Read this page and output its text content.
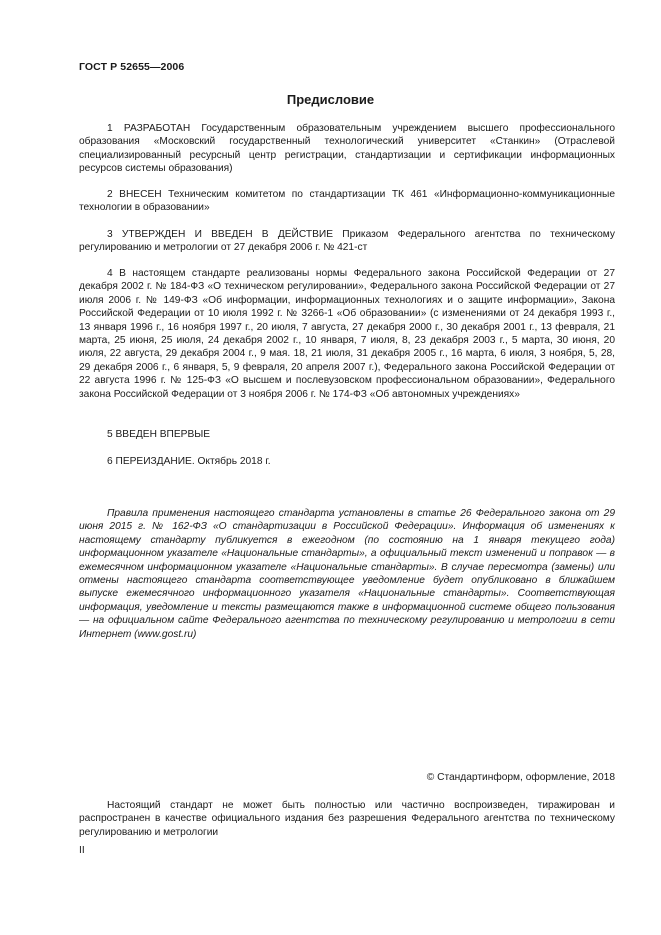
ГОСТ Р 52655—2006
Предисловие

1 РАЗРАБОТАН Государственным образовательным учреждением высшего профессионального образования «Московский государственный технологический университет «Станкин» (Отраслевой специализированный ресурсный центр регистрации, стандартизации и сертификации информационных ресурсов системы образования)

2 ВНЕСЕН Техническим комитетом по стандартизации ТК 461 «Информационно-коммуникационные технологии в образовании»

3 УТВЕРЖДЕН И ВВЕДЕН В ДЕЙСТВИЕ Приказом Федерального агентства по техническому регулированию и метрологии от 27 декабря 2006 г. № 421-ст

4 В настоящем стандарте реализованы нормы Федерального закона Российской Федерации от 27 декабря 2002 г. № 184-ФЗ «О техническом регулировании», Федерального закона Российской Федерации от 27 июля 2006 г. № 149-ФЗ «Об информации, информационных технологиях и о защите информации», Закона Российской Федерации от 10 июля 1992 г. № 3266-1 «Об образовании» (с изменениями от 24 декабря 1993 г., 13 января 1996 г., 16 ноября 1997 г., 20 июля, 7 августа, 27 декабря 2000 г., 30 декабря 2001 г., 13 февраля, 21 марта, 25 июня, 25 июля, 24 декабря 2002 г., 10 января, 7 июля, 8, 23 декабря 2003 г., 5 марта, 30 июня, 20 июля, 22 августа, 29 декабря 2004 г., 9 мая. 18, 21 июля, 31 декабря 2005 г., 16 марта, 6 июля, 3 ноября, 5, 28, 29 декабря 2006 г., 6 января, 5, 9 февраля, 20 апреля 2007 г.), Федерального закона Российской Федерации от 22 августа 1996 г. № 125-ФЗ «О высшем и послевузовском профессиональном образовании», Федерального закона Российской Федерации от 3 ноября 2006 г. № 174-ФЗ «Об автономных учреждениях»

5 ВВЕДЕН ВПЕРВЫЕ

6 ПЕРЕИЗДАНИЕ. Октябрь 2018 г.

Правила применения настоящего стандарта установлены в статье 26 Федерального закона от 29 июня 2015 г. № 162-ФЗ «О стандартизации в Российской Федерации». Информация об изменениях к настоящему стандарту публикуется в ежегодном (по состоянию на 1 января текущего года) информационном указателе «Национальные стандарты», а официальный текст изменений и поправок — в ежемесячном информационном указателе «Национальные стандарты». В случае пересмотра (замены) или отмены настоящего стандарта соответствующее уведомление будет опубликовано в ближайшем выпуске ежемесячного информационного указателя «Национальные стандарты». Соответствующая информация, уведомление и тексты размещаются также в информационной системе общего пользования — на официальном сайте Федерального агентства по техническому регулированию и метрологии в сети Интернет (www.gost.ru)

© Стандартинформ, оформление, 2018

Настоящий стандарт не может быть полностью или частично воспроизведен, тиражирован и распространен в качестве официального издания без разрешения Федерального агентства по техническому регулированию и метрологии

II
